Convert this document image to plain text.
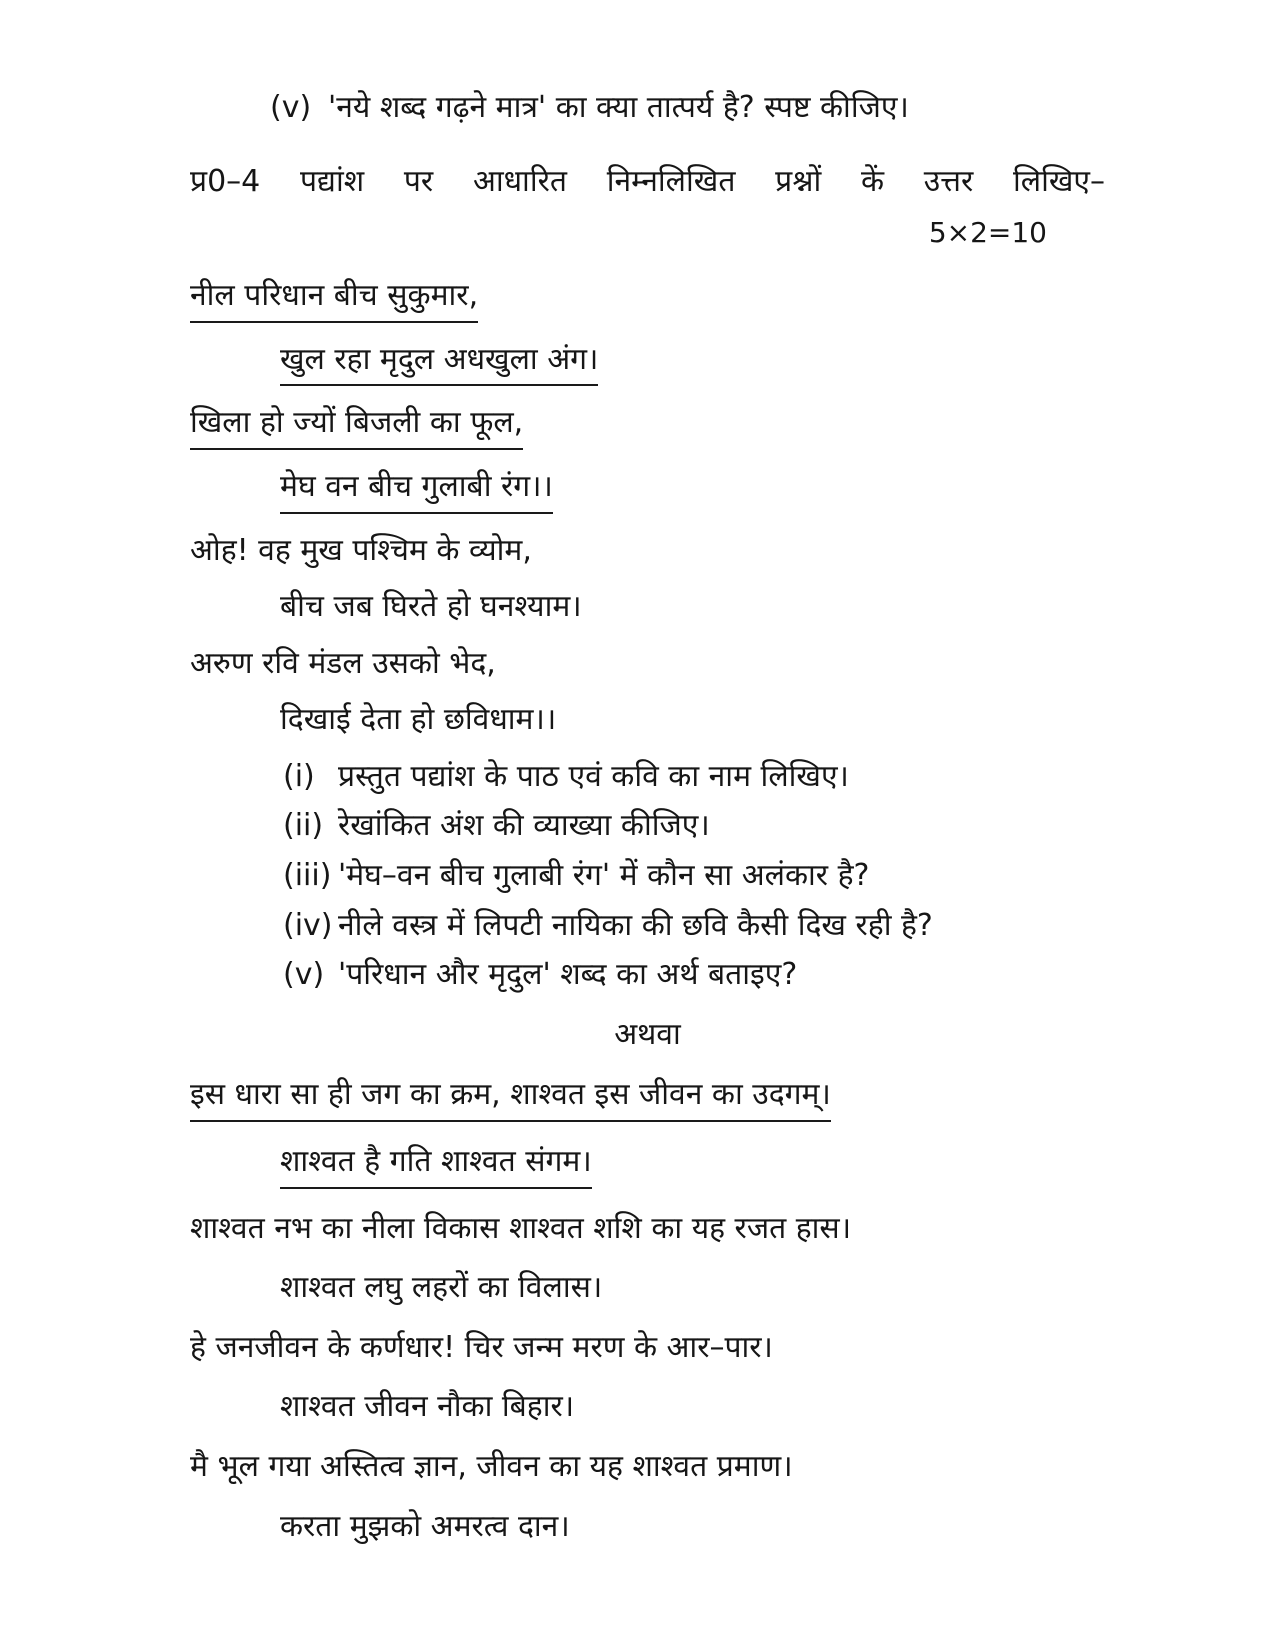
(v) 'नये शब्द गढ़ने मात्र' का क्या तात्पर्य है? स्पष्ट कीजिए।
प्र0–4 पद्यांश पर आधारित निम्नलिखित प्रश्नों कें उत्तर लिखिए–
5×2=10
नील परिधान बीच सुकुमार,
खुल रहा मृदुल अधखुला अंग।
खिला हो ज्यों बिजली का फूल,
मेघ वन बीच गुलाबी रंग।।
ओह! वह मुख पश्चिम के व्योम,
बीच जब घिरते हो घनश्याम।
अरुण रवि मंडल उसको भेद,
दिखाई देता हो छविधाम।।
(i) प्रस्तुत पद्यांश के पाठ एवं कवि का नाम लिखिए।
(ii) रेखांकित अंश की व्याख्या कीजिए।
(iii) 'मेघ–वन बीच गुलाबी रंग' में कौन सा अलंकार है?
(iv) नीले वस्त्र में लिपटी नायिका की छवि कैसी दिख रही है?
(v) 'परिधान और मृदुल' शब्द का अर्थ बताइए?
अथवा
इस धारा सा ही जग का क्रम, शाश्वत इस जीवन का उदगम्।
शाश्वत है गति शाश्वत संगम।
शाश्वत नभ का नीला विकास शाश्वत शशि का यह रजत हास।
शाश्वत लघु लहरों का विलास।
हे जनजीवन के कर्णधार! चिर जन्म मरण के आर–पार।
शाश्वत जीवन नौका बिहार।
मै भूल गया अस्तित्व ज्ञान, जीवन का यह शाश्वत प्रमाण।
करता मुझको अमरत्व दान।
